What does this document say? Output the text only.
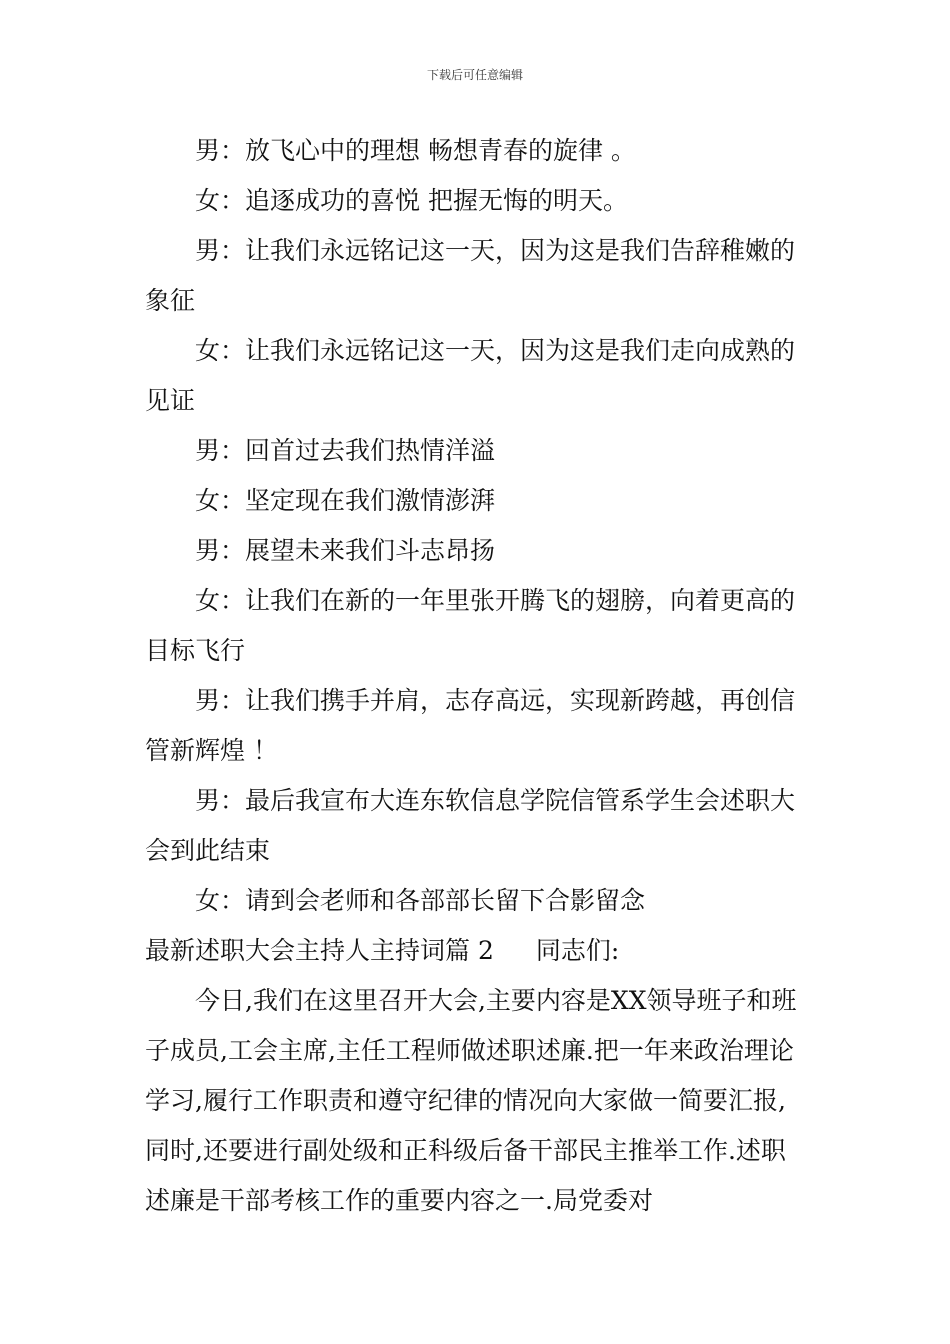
下载后可任意编辑

男：放飞心中的理想 畅想青春的旋律 。

女：追逐成功的喜悦 把握无悔的明天。

男：让我们永远铭记这一天，因为这是我们告辞稚嫩的象征

女：让我们永远铭记这一天，因为这是我们走向成熟的见证

男：回首过去我们热情洋溢

女：坚定现在我们激情澎湃

男：展望未来我们斗志昂扬

女：让我们在新的一年里张开腾飞的翅膀，向着更高的目标飞行

男：让我们携手并肩，志存高远，实现新跨越，再创信管新辉煌 ！

男：最后我宣布大连东软信息学院信管系学生会述职大会到此结束

女：请到会老师和各部部长留下合影留念

最新述职大会主持人主持词篇 2 同志们:

今日,我们在这里召开大会,主要内容是XX领导班子和班子成员,工会主席,主任工程师做述职述廉.把一年来政治理论学习,履行工作职责和遵守纪律的情况向大家做一简要汇报,同时,还要进行副处级和正科级后备干部民主推举工作.述职述廉是干部考核工作的重要内容之一.局党委对
